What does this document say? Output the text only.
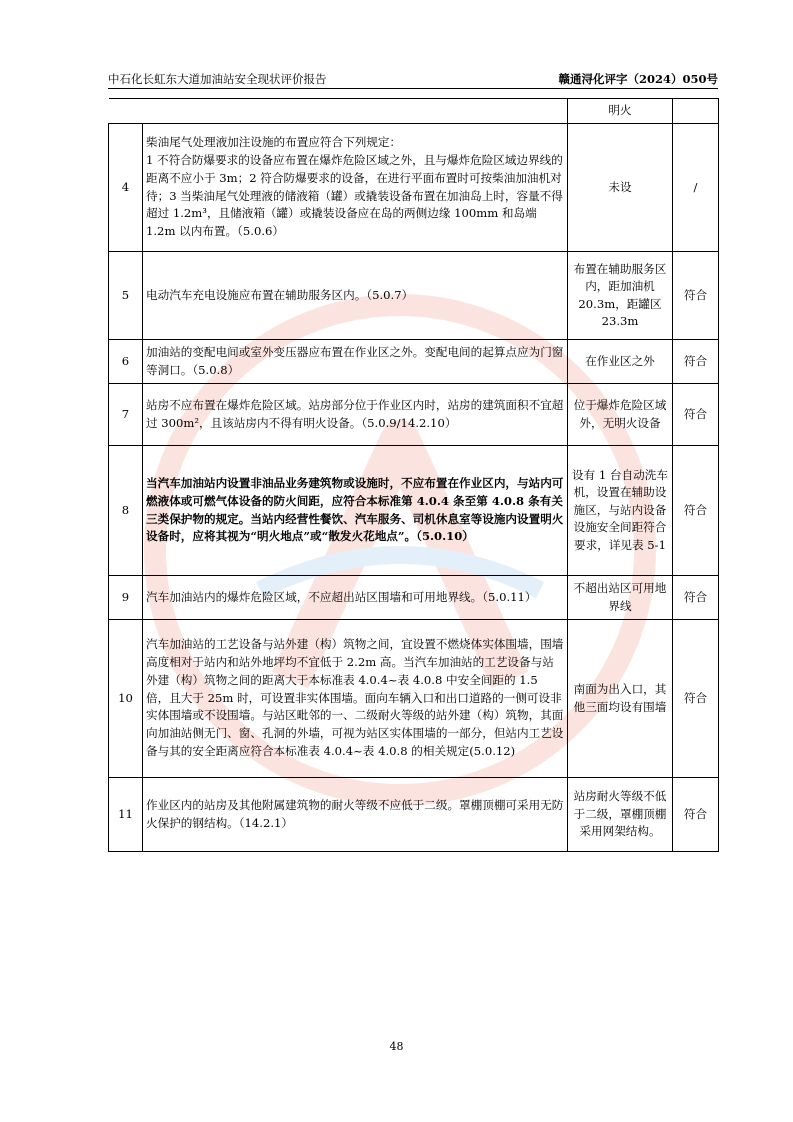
中石化长虹东大道加油站安全现状评价报告	赣通浔化评字（2024）050号
		明火	
4	柴油尾气处理液加注设施的布置应符合下列规定：
1 不符合防爆要求的设备应布置在爆炸危险区域之外，且与爆炸危险区域边界线的距离不应小于 3m；2 符合防爆要求的设备，在进行平面布置时可按柴油加油机对待；3 当柴油尾气处理液的储液箱（罐）或撬装设备布置在加油岛上时，容量不得超过 1.2m³，且储液箱（罐）或撬装设备应在岛的两侧边缘 100mm 和岛端 1.2m 以内布置。（5.0.6）	未设	/
5	电动汽车充电设施应布置在辅助服务区内。（5.0.7）	布置在辅助服务区内，距加油机 20.3m，距罐区 23.3m	符合
6	加油站的变配电间或室外变压器应布置在作业区之外。变配电间的起算点应为门窗等洞口。（5.0.8）	在作业区之外	符合
7	站房不应布置在爆炸危险区域。站房部分位于作业区内时，站房的建筑面积不宜超过 300m²，且该站房内不得有明火设备。（5.0.9/14.2.10）	位于爆炸危险区域外，无明火设备	符合
8	当汽车加油站内设置非油品业务建筑物或设施时，不应布置在作业区内，与站内可燃液体或可燃气体设备的防火间距，应符合本标准第 4.0.4 条至第 4.0.8 条有关三类保护物的规定。当站内经营性餐饮、汽车服务、司机休息室等设施内设置明火设备时，应将其视为“明火地点”或“散发火花地点”。（5.0.10）	设有 1 台自动洗车机，设置在辅助设施区，与站内设备设施安全间距符合要求，详见表 5-1	符合
9	汽车加油站内的爆炸危险区域，不应超出站区围墙和可用地界线。（5.0.11）	不超出站区可用地界线	符合
10	汽车加油站的工艺设备与站外建（构）筑物之间，宜设置不燃烧体实体围墙，围墙高度相对于站内和站外地坪均不宜低于 2.2m 高。当汽车加油站的工艺设备与站外建（构）筑物之间的距离大于本标准表 4.0.4~表 4.0.8 中安全间距的 1.5 倍，且大于 25m 时，可设置非实体围墙。面向车辆入口和出口道路的一侧可设非实体围墙或不设围墙。与站区毗邻的一、二级耐火等级的站外建（构）筑物，其面向加油站侧无门、窗、孔洞的外墙，可视为站区实体围墙的一部分，但站内工艺设备与其的安全距离应符合本标准表 4.0.4~表 4.0.8 的相关规定(5.0.12)	南面为出入口，其他三面均设有围墙	符合
11	作业区内的站房及其他附属建筑物的耐火等级不应低于二级。罩棚顶棚可采用无防火保护的钢结构。（14.2.1）	站房耐火等级不低于二级，罩棚顶棚采用网架结构。	符合
48
